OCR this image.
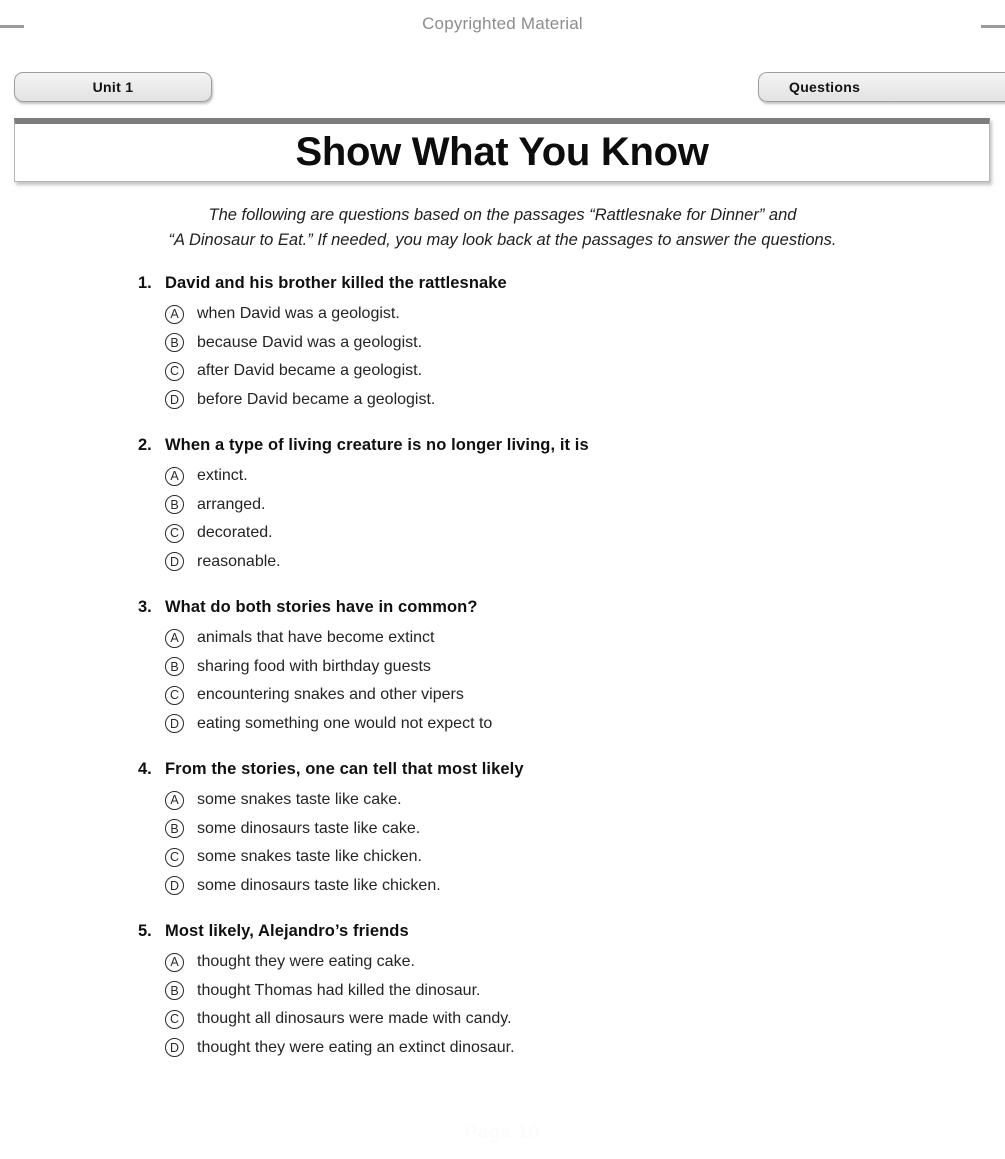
Copyrighted Material
Unit 1	Questions
Show What You Know
The following are questions based on the passages “Rattlesnake for Dinner” and
“A Dinosaur to Eat.” If needed, you may look back at the passages to answer the questions.
1. David and his brother killed the rattlesnake
A	when David was a geologist.
B	because David was a geologist.
C	after David became a geologist.
D	before David became a geologist.
2. When a type of living creature is no longer living, it is
A	extinct.
B	arranged.
C	decorated.
D	reasonable.
3. What do both stories have in common?
A	animals that have become extinct
B	sharing food with birthday guests
C	encountering snakes and other vipers
D	eating something one would not expect to
4. From the stories, one can tell that most likely
A	some snakes taste like cake.
B	some dinosaurs taste like cake.
C	some snakes taste like chicken.
D	some dinosaurs taste like chicken.
5. Most likely, Alejandro’s friends
A	thought they were eating cake.
B	thought Thomas had killed the dinosaur.
C	thought all dinosaurs were made with candy.
D	thought they were eating an extinct dinosaur.
Page 10
